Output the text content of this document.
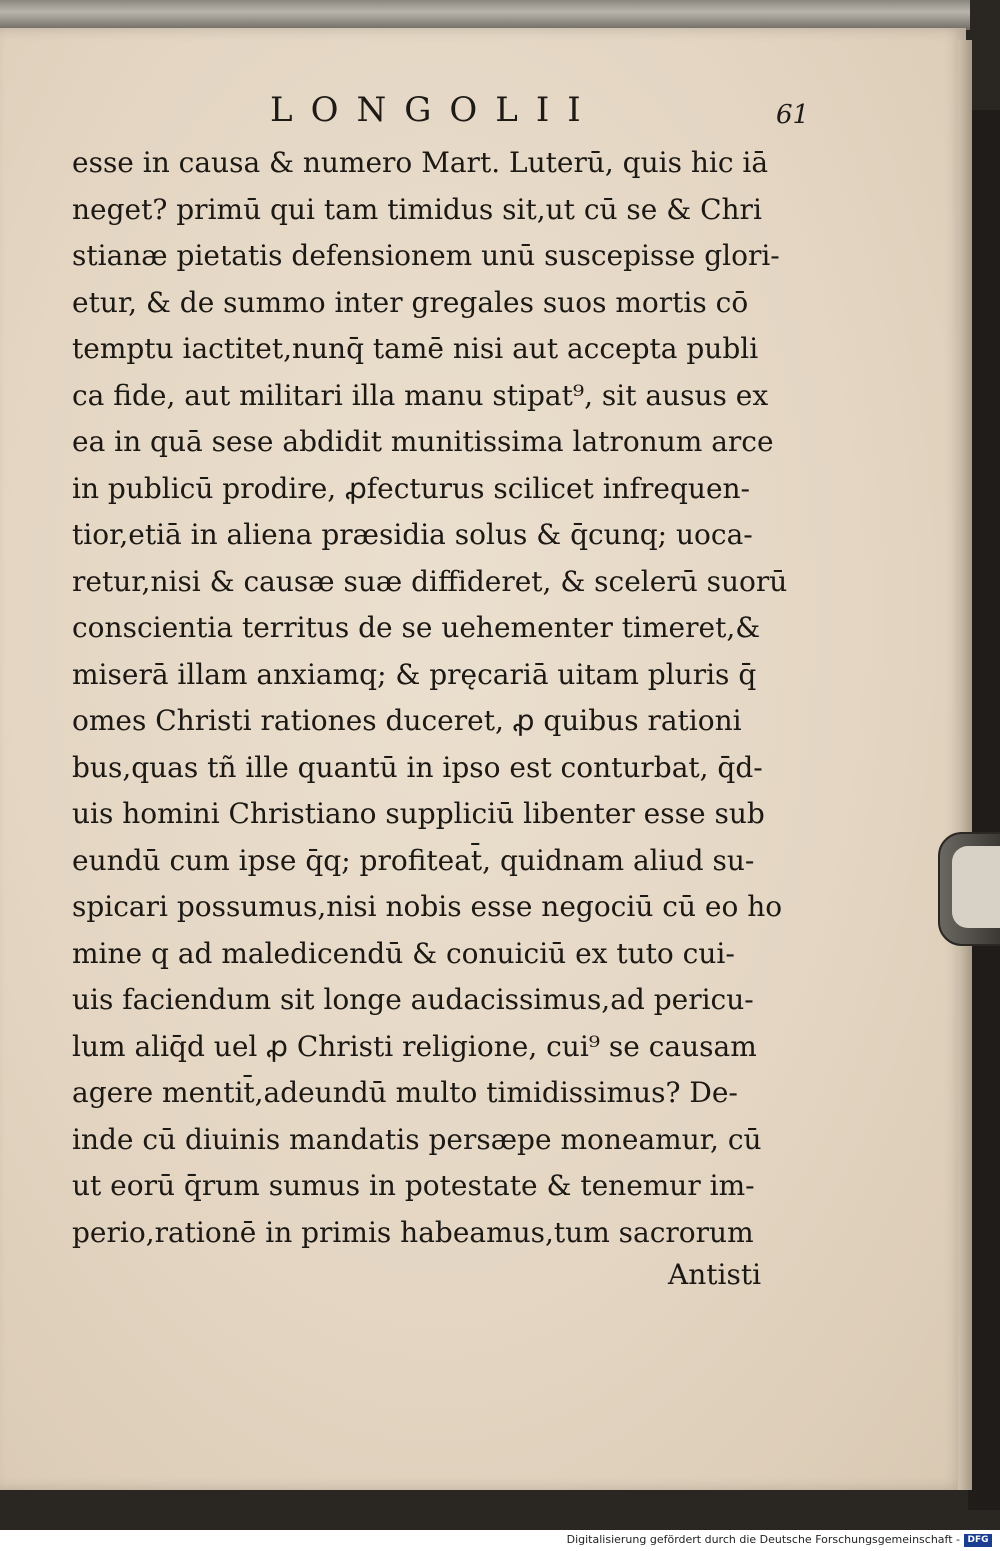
LONGOLII	61
esse in causa & numero Mart. Luterū, quis hic iā
neget? primū qui tam timidus sit,ut cū se & Chri
stianæ pietatis defensionem unū suscepisse glori-
etur, & de summo inter gregales suos mortis cō
temptu iactitet,nunq̄ tamē nisi aut accepta publi
ca fide, aut militari illa manu stipat⁹, sit ausus ex
ea in quā sese abdidit munitissima latronum arce
in publicū prodire, ꝓfecturus scilicet infrequen-
tior,etiā in aliena præsidia solus & q̄cunq; uoca-
retur,nisi & causæ suæ diffideret, & scelerū suorū
conscientia territus de se uehementer timeret,&
miserā illam anxiamq; & pręcariā uitam pluris q̄
omes Christi rationes duceret, ꝓ quibus rationi
bus,quas tñ ille quantū in ipso est conturbat, q̄d-
uis homini Christiano suppliciū libenter esse sub
eundū cum ipse q̄q; profiteat̄, quidnam aliud su-
spicari possumus,nisi nobis esse negociū cū eo ho
mine q ad maledicendū & conuiciū ex tuto cui-
uis faciendum sit longe audacissimus,ad pericu-
lum aliq̄d uel ꝓ Christi religione, cui⁹ se causam
agere mentit̄,adeundū multo timidissimus? De-
inde cū diuinis mandatis persæpe moneamur, cū
ut eorū q̄rum sumus in potestate & tenemur im-
perio,rationē in primis habeamus,tum sacrorum
Antisti
Digitalisierung gefördert durch die Deutsche Forschungsgemeinschaft - DFG
